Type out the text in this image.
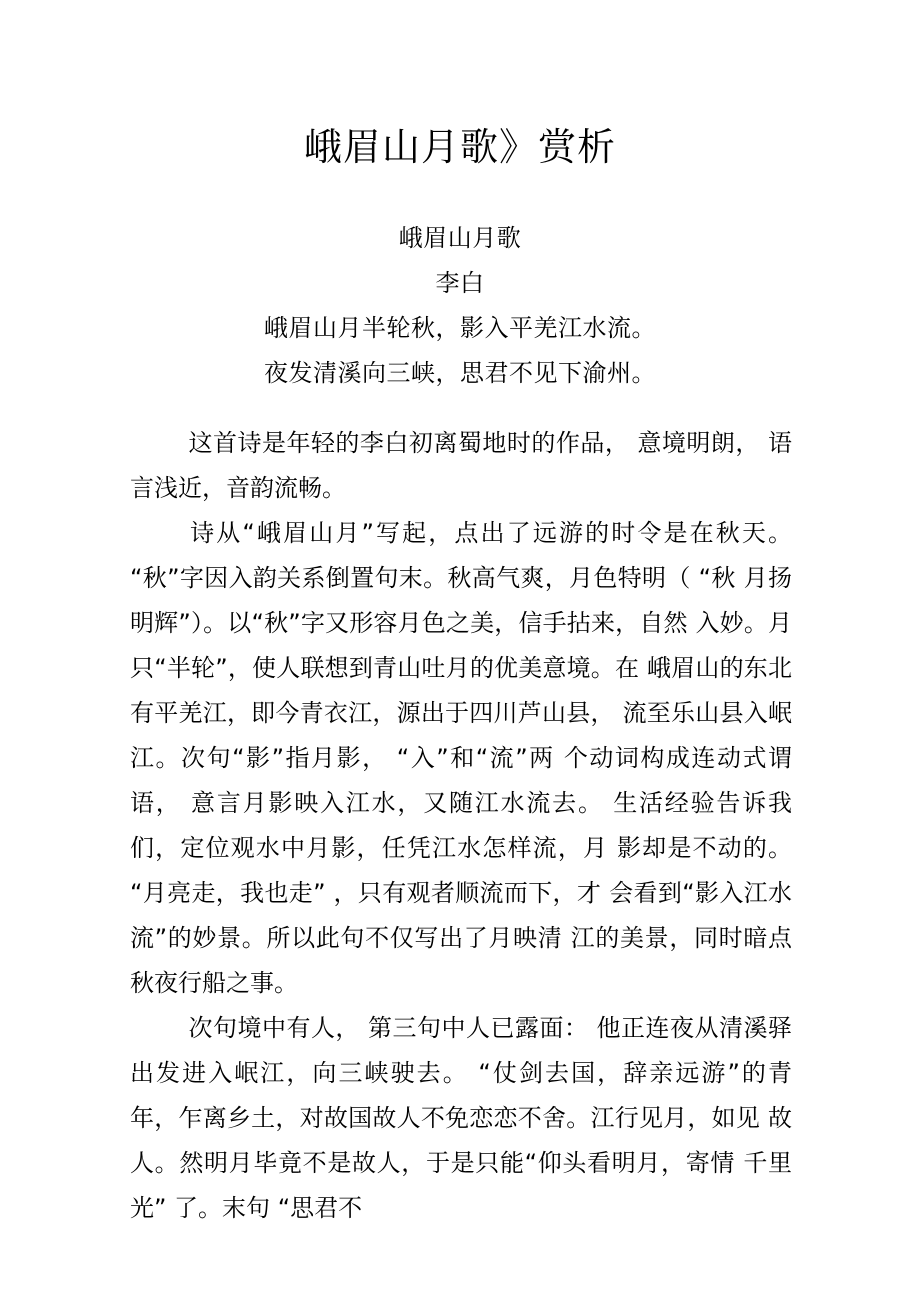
峨眉山月歌》赏析
峨眉山月歌
李白
峨眉山月半轮秋，影入平羌江水流。
夜发清溪向三峡，思君不见下渝州。

这首诗是年轻的李白初离蜀地时的作品， 意境明朗， 语 言浅近，音韵流畅。

诗从“峨眉山月”写起，点出了远游的时令是在秋天。 “秋”字因入韵关系倒置句末。秋高气爽，月色特明（ “秋 月扬明辉”）。以“秋”字又形容月色之美，信手拈来，自然 入妙。月只“半轮”，使人联想到青山吐月的优美意境。在 峨眉山的东北有平羌江，即今青衣江，源出于四川芦山县， 流至乐山县入岷江。次句“影”指月影， “入”和“流”两 个动词构成连动式谓语， 意言月影映入江水，又随江水流去。 生活经验告诉我们，定位观水中月影，任凭江水怎样流，月 影却是不动的。 “月亮走，我也走” ，只有观者顺流而下，才 会看到“影入江水流”的妙景。所以此句不仅写出了月映清 江的美景，同时暗点秋夜行船之事。

次句境中有人， 第三句中人已露面： 他正连夜从清溪驿 出发进入岷江，向三峡驶去。 “仗剑去国，辞亲远游”的青 年，乍离乡土，对故国故人不免恋恋不舍。江行见月，如见 故人。然明月毕竟不是故人，于是只能“仰头看明月，寄情 千里光” 了。末句 “思君不
